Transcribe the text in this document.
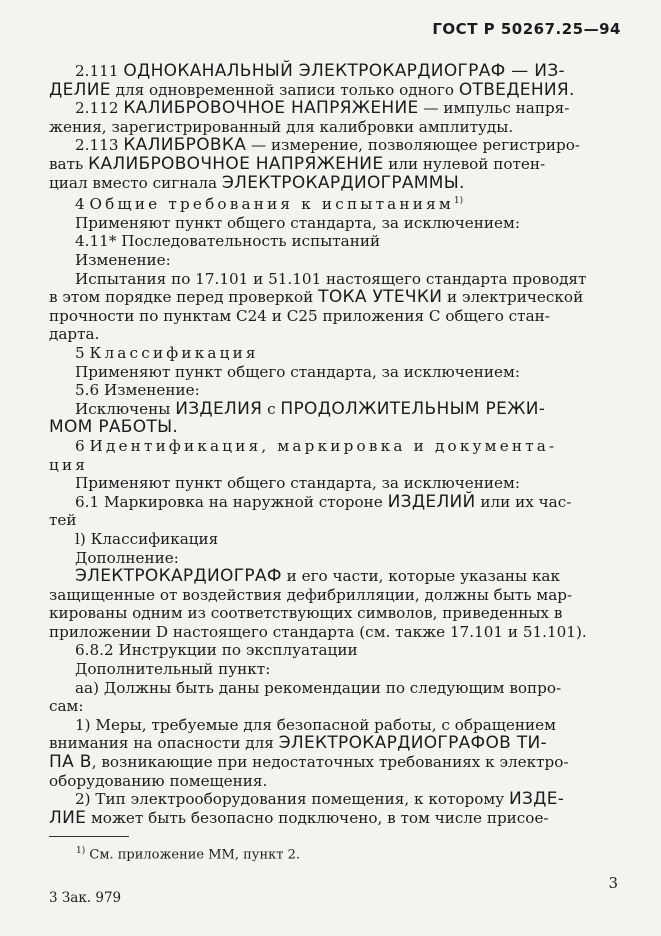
ГОСТ Р 50267.25—94

2.111 ОДНОКАНАЛЬНЫЙ ЭЛЕКТРОКАРДИОГРАФ — ИЗ-

ДЕЛИЕ для одновременной записи только одного ОТВЕДЕНИЯ.

2.112 КАЛИБРОВОЧНОЕ НАПРЯЖЕНИЕ — импульс напря-

жения, зарегистрированный для калибровки амплитуды.

2.113 КАЛИБРОВКА — измерение, позволяющее регистриро-

вать КАЛИБРОВОЧНОЕ НАПРЯЖЕНИЕ или нулевой потен-

циал вместо сигнала ЭЛЕКТРОКАРДИОГРАММЫ.

4 Общие требования к испытаниям$^{1)}$

Применяют пункт общего стандарта, за исключением:

4.11* Последовательность испытаний

Изменение:

Испытания по 17.101 и 51.101 настоящего стандарта проводят

в этом порядке перед проверкой ТОКА УТЕЧКИ и электрической

прочности по пунктам С24 и С25 приложения С общего стан-

дарта.

5 Классификация

Применяют пункт общего стандарта, за исключением:

5.6 Изменение:

Исключены ИЗДЕЛИЯ с ПРОДОЛЖИТЕЛЬНЫМ РЕЖИ-

МОМ РАБОТЫ.

6 Идентификация, маркировка и документа-

ция

Применяют пункт общего стандарта, за исключением:

6.1 Маркировка на наружной стороне ИЗДЕЛИЙ или их час-

тей

l) Классификация

Дополнение:

ЭЛЕКТРОКАРДИОГРАФ и его части, которые указаны как

защищенные от воздействия дефибрилляции, должны быть мар-

кированы одним из соответствующих символов, приведенных в

приложении D настоящего стандарта (см. также 17.101 и 51.101).

6.8.2 Инструкции по эксплуатации

Дополнительный пункт:

аа) Должны быть даны рекомендации по следующим вопро-

сам:

1) Меры, требуемые для безопасной работы, с обращением

внимания на опасности для ЭЛЕКТРОКАРДИОГРАФОВ ТИ-

ПА В, возникающие при недостаточных требованиях к электро-

оборудованию помещения.

2) Тип электрооборудования помещения, к которому ИЗДЕ-

ЛИЕ может быть безопасно подключено, в том числе присое-

$^{1)}$ См. приложение ММ, пункт 2.
3 Зак. 979
3
